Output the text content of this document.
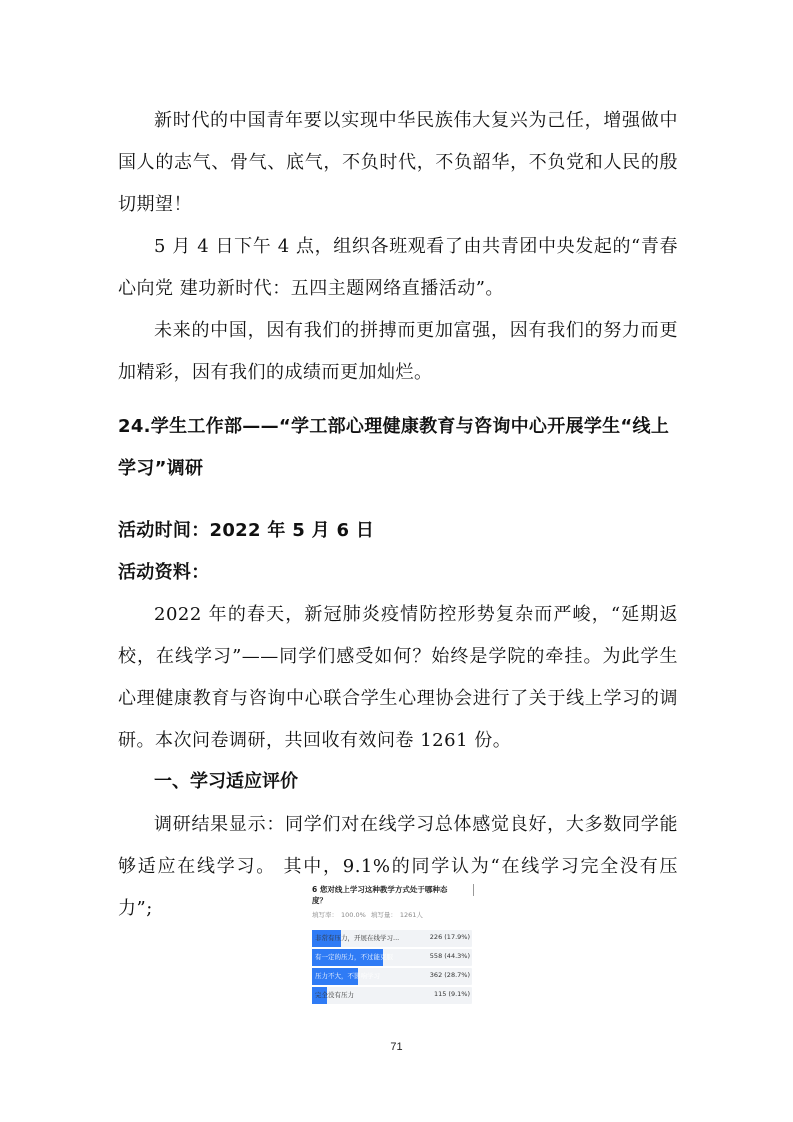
新时代的中国青年要以实现中华民族伟大复兴为己任，增强做中国人的志气、骨气、底气，不负时代，不负韶华，不负党和人民的殷切期望！

5 月 4 日下午 4 点，组织各班观看了由共青团中央发起的“青春心向党 建功新时代：五四主题网络直播活动”。

未来的中国，因有我们的拼搏而更加富强，因有我们的努力而更加精彩，因有我们的成绩而更加灿烂。

24.学生工作部——“学工部心理健康教育与咨询中心开展学生“线上学习”调研
活动时间：2022 年 5 月 6 日
活动资料：

2022 年的春天，新冠肺炎疫情防控形势复杂而严峻，“延期返校，在线学习”——同学们感受如何？始终是学院的牵挂。为此学生心理健康教育与咨询中心联合学生心理协会进行了关于线上学习的调研。本次问卷调研，共回收有效问卷 1261 份。

一、学习适应评价

调研结果显示：同学们对在线学习总体感觉良好，大多数同学能够适应在线学习。 其中，9.1%的同学认为“在线学习完全没有压力”;

6 您对线上学习这种教学方式处于哪种态度？
填写率： 100.0% 填写量： 1261人
非常有压力，开展在线学习...	226 (17.9%)
有一定的压力，不过能克服	558 (44.3%)
压力不大，不影响学习	362 (28.7%)
完全没有压力	115 (9.1%)
71
